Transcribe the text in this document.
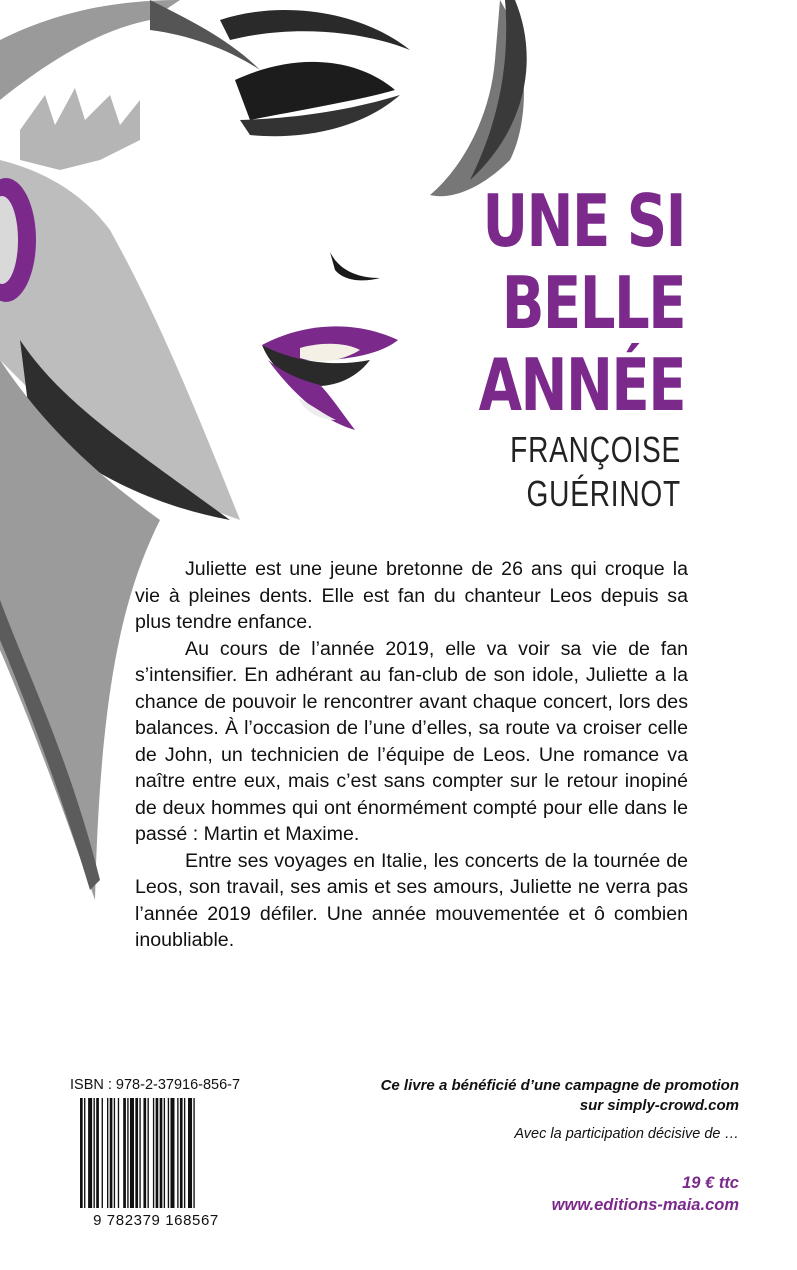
UNE SI
BELLE
ANNÉE
FRANÇOISE
GUÉRINOT

Juliette est une jeune bretonne de 26 ans qui croque la vie à pleines dents. Elle est fan du chanteur Leos depuis sa plus tendre enfance.

Au cours de l’année 2019, elle va voir sa vie de fan s’intensifier. En adhérant au fan-club de son idole, Juliette a la chance de pouvoir le rencontrer avant chaque concert, lors des balances. À l’occasion de l’une d’elles, sa route va croiser celle de John, un technicien de l’équipe de Leos. Une romance va naître entre eux, mais c’est sans compter sur le retour inopiné de deux hommes qui ont énormément compté pour elle dans le passé : Martin et Maxime.

Entre ses voyages en Italie, les concerts de la tournée de Leos, son travail, ses amis et ses amours, Juliette ne verra pas l’année 2019 défiler. Une année mouvementée et ô combien inoubliable.

ISBN : 978-2-37916-856-7
9 782379 168567
Ce livre a bénéficié d’une campagne de promotion
sur simply-crowd.com
Avec la participation décisive de …
19 € ttc
www.editions-maia.com
